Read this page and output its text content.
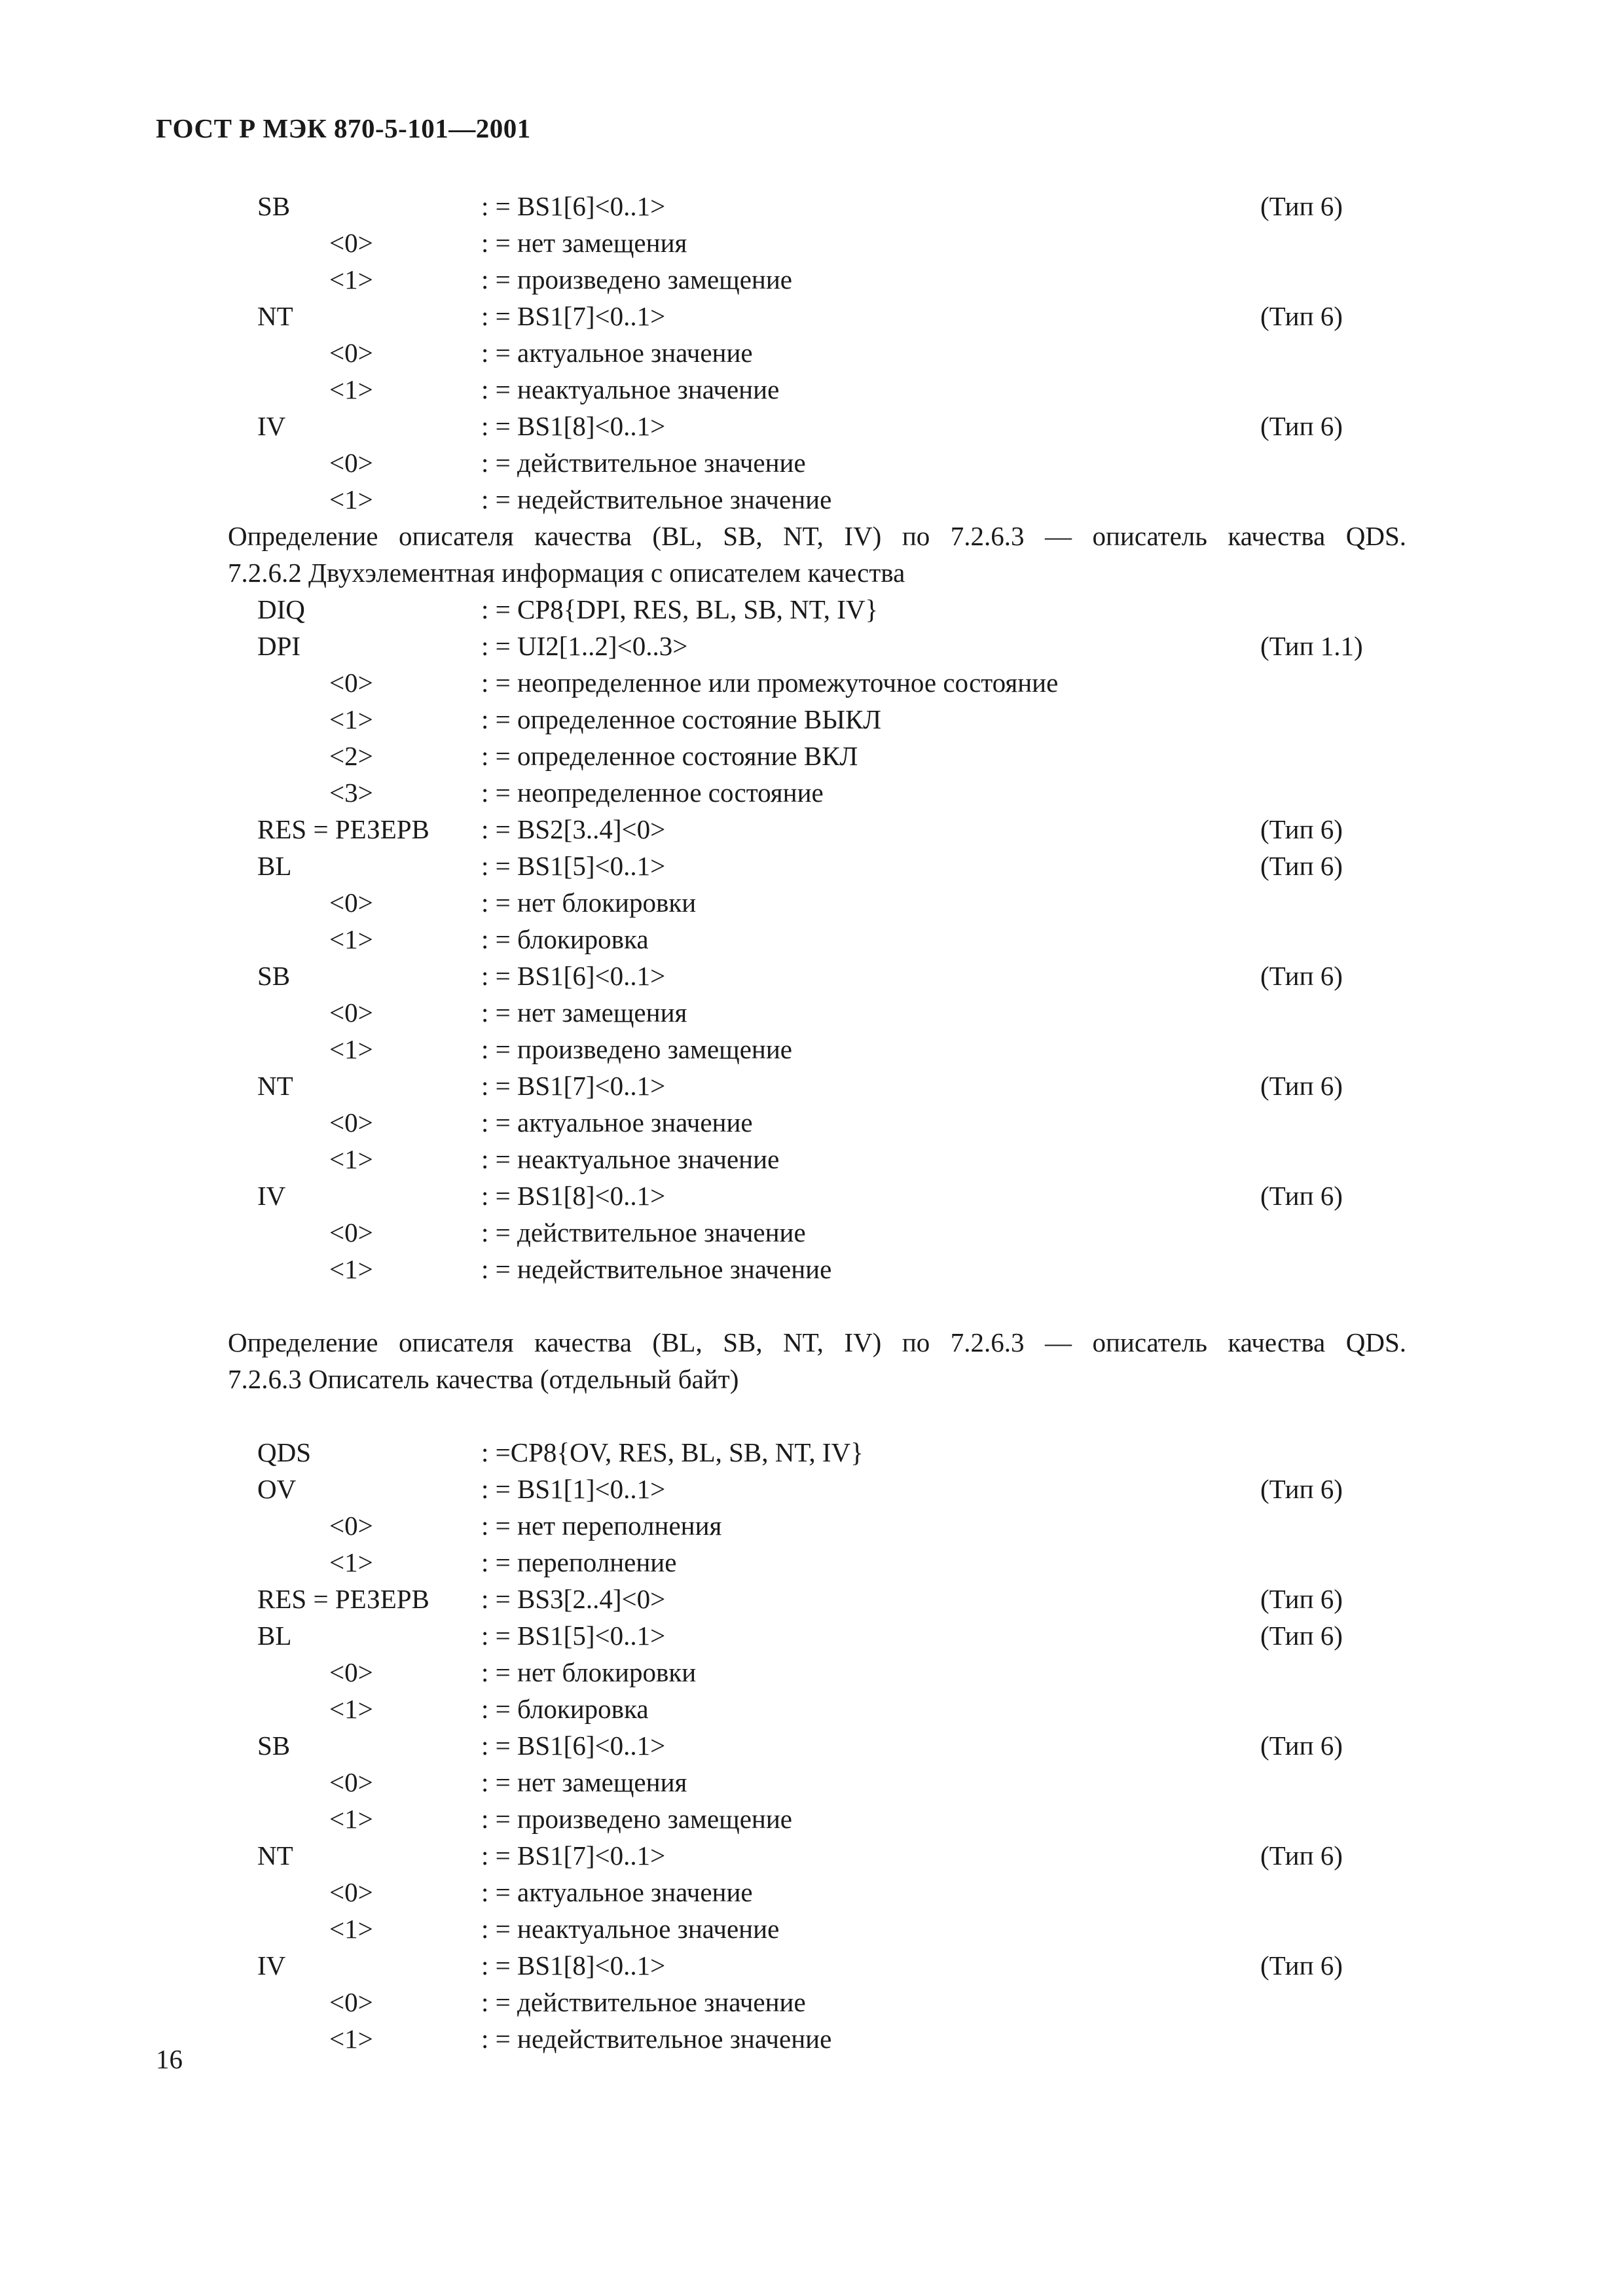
ГОСТ Р МЭК 870-5-101—2001
SB	: = BS1[6]<0..1>	(Тип 6)
<0>	: = нет замещения
<1>	: = произведено замещение
NT	: = BS1[7]<0..1>	(Тип 6)
<0>	: = актуальное значение
<1>	: = неактуальное значение
IV	: = BS1[8]<0..1>	(Тип 6)
<0>	: = действительное значение
<1>	: = недействительное значение
Определение описателя качества (BL, SB, NT, IV) по 7.2.6.3 — описатель качества QDS.
7.2.6.2 Двухэлементная информация с описателем качества
DIQ	: = CP8{DPI, RES, BL, SB, NT, IV}
DPI	: = UI2[1..2]<0..3>	(Тип 1.1)
<0>	: = неопределенное или промежуточное состояние
<1>	: = определенное состояние ВЫКЛ
<2>	: = определенное состояние ВКЛ
<3>	: = неопределенное состояние
RES = РЕЗЕРВ : = BS2[3..4]<0>	(Тип 6)
BL	: = BS1[5]<0..1>	(Тип 6)
<0>	: = нет блокировки
<1>	: = блокировка
SB	: = BS1[6]<0..1>	(Тип 6)
<0>	: = нет замещения
<1>	: = произведено замещение
NT	: = BS1[7]<0..1>	(Тип 6)
<0>	: = актуальное значение
<1>	: = неактуальное значение
IV	: = BS1[8]<0..1>	(Тип 6)
<0>	: = действительное значение
<1>	: = недействительное значение
Определение описателя качества (BL, SB, NT, IV) по 7.2.6.3 — описатель качества QDS.
7.2.6.3 Описатель качества (отдельный байт)
QDS	: =CP8{OV, RES, BL, SB, NT, IV}
OV	: = BS1[1]<0..1>	(Тип 6)
<0>	: = нет переполнения
<1>	: = переполнение
RES = РЕЗЕРВ : = BS3[2..4]<0>	(Тип 6)
BL	: = BS1[5]<0..1>	(Тип 6)
<0>	: = нет блокировки
<1>	: = блокировка
SB	: = BS1[6]<0..1>	(Тип 6)
<0>	: = нет замещения
<1>	: = произведено замещение
NT	: = BS1[7]<0..1>	(Тип 6)
<0>	: = актуальное значение
<1>	: = неактуальное значение
IV	: = BS1[8]<0..1>	(Тип 6)
<0>	: = действительное значение
<1>	: = недействительное значение
16
